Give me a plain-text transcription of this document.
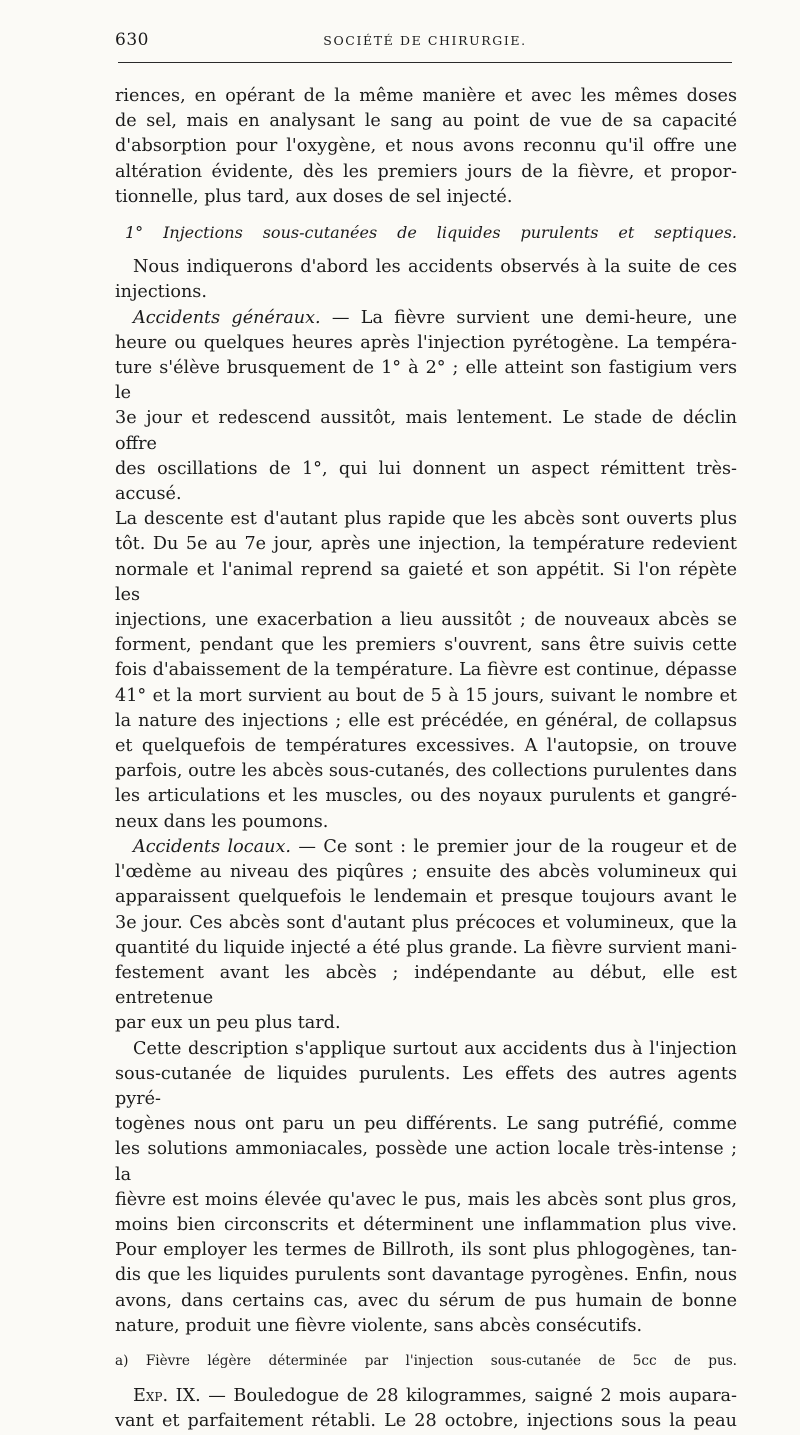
630	SOCIÉTÉ DE CHIRURGIE.

riences, en opérant de la même manière et avec les mêmes doses

de sel, mais en analysant le sang au point de vue de sa capacité

d'absorption pour l'oxygène, et nous avons reconnu qu'il offre une

altération évidente, dès les premiers jours de la fièvre, et propor-

tionnelle, plus tard, aux doses de sel injecté.

1° Injections sous-cutanées de liquides purulents et septiques.

Nous indiquerons d'abord les accidents observés à la suite de ces

injections.

Accidents généraux. — La fièvre survient une demi-heure, une

heure ou quelques heures après l'injection pyrétogène. La tempéra-

ture s'élève brusquement de 1° à 2° ; elle atteint son fastigium vers le

3e jour et redescend aussitôt, mais lentement. Le stade de déclin offre

des oscillations de 1°, qui lui donnent un aspect rémittent très-accusé.

La descente est d'autant plus rapide que les abcès sont ouverts plus

tôt. Du 5e au 7e jour, après une injection, la température redevient

normale et l'animal reprend sa gaieté et son appétit. Si l'on répète les

injections, une exacerbation a lieu aussitôt ; de nouveaux abcès se

forment, pendant que les premiers s'ouvrent, sans être suivis cette

fois d'abaissement de la température. La fièvre est continue, dépasse

41° et la mort survient au bout de 5 à 15 jours, suivant le nombre et

la nature des injections ; elle est précédée, en général, de collapsus

et quelquefois de températures excessives. A l'autopsie, on trouve

parfois, outre les abcès sous-cutanés, des collections purulentes dans

les articulations et les muscles, ou des noyaux purulents et gangré-

neux dans les poumons.

Accidents locaux. — Ce sont : le premier jour de la rougeur et de

l'œdème au niveau des piqûres ; ensuite des abcès volumineux qui

apparaissent quelquefois le lendemain et presque toujours avant le

3e jour. Ces abcès sont d'autant plus précoces et volumineux, que la

quantité du liquide injecté a été plus grande. La fièvre survient mani-

festement avant les abcès ; indépendante au début, elle est entretenue

par eux un peu plus tard.

Cette description s'applique surtout aux accidents dus à l'injection

sous-cutanée de liquides purulents. Les effets des autres agents pyré-

togènes nous ont paru un peu différents. Le sang putréfié, comme

les solutions ammoniacales, possède une action locale très-intense ; la

fièvre est moins élevée qu'avec le pus, mais les abcès sont plus gros,

moins bien circonscrits et déterminent une inflammation plus vive.

Pour employer les termes de Billroth, ils sont plus phlogogènes, tan-

dis que les liquides purulents sont davantage pyrogènes. Enfin, nous

avons, dans certains cas, avec du sérum de pus humain de bonne

nature, produit une fièvre violente, sans abcès consécutifs.

a) Fièvre légère déterminée par l'injection sous-cutanée de 5cc de pus.

Exp. IX. — Bouledogue de 28 kilogrammes, saigné 2 mois aupara-

vant et parfaitement rétabli. Le 28 octobre, injections sous la peau
